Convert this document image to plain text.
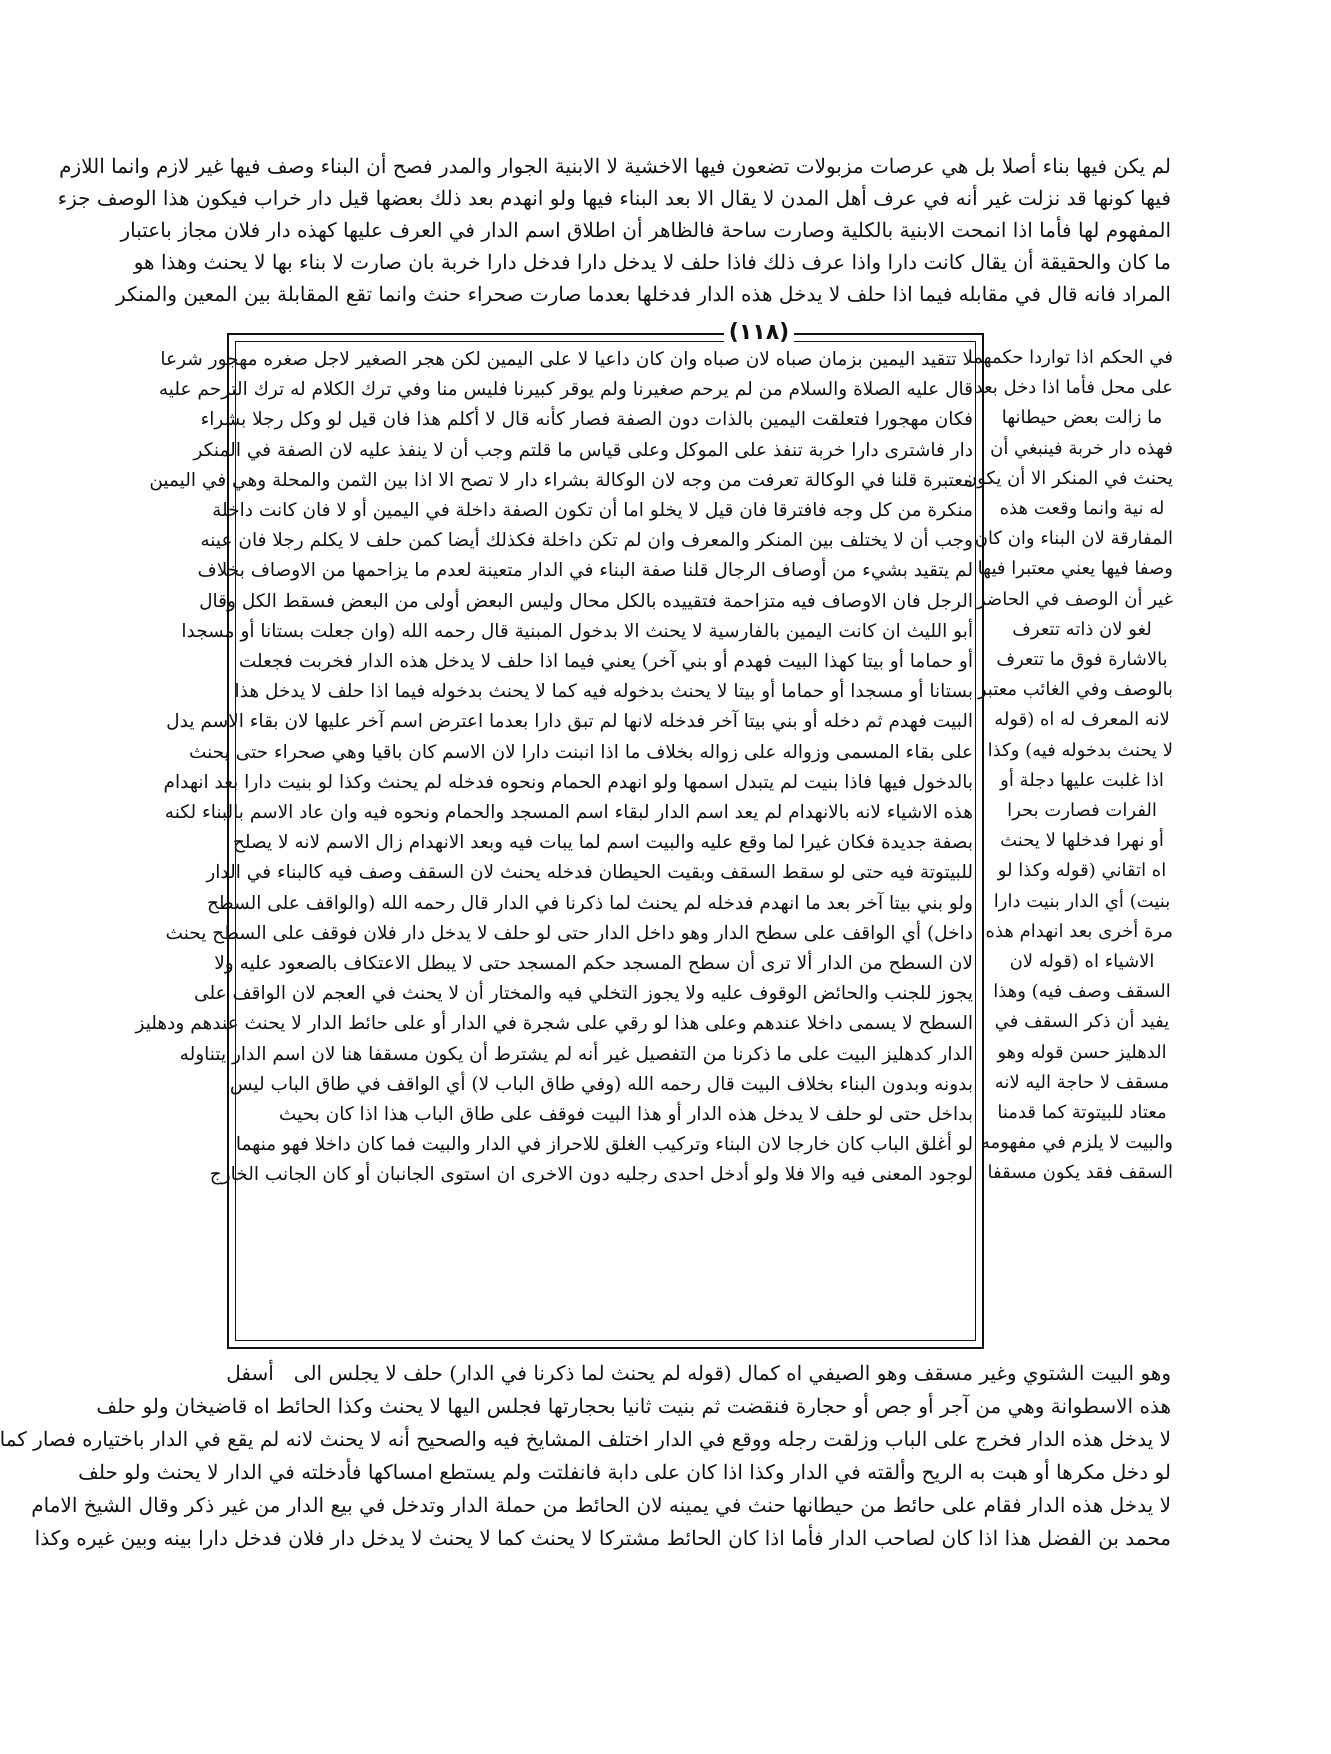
لم يكن فيها بناء أصلا بل هي عرصات مزبولات تضعون فيها الاخشية لا الابنية الجوار والمدر فصح أن البناء وصف فيها غير لازم وانما اللازم

فيها كونها قد نزلت غير أنه في عرف أهل المدن لا يقال الا بعد البناء فيها ولو انهدم بعد ذلك بعضها قيل دار خراب فيكون هذا الوصف جزء

المفهوم لها فأما اذا انمحت الابنية بالكلية وصارت ساحة فالظاهر أن اطلاق اسم الدار في العرف عليها كهذه دار فلان مجاز باعتبار

ما كان والحقيقة أن يقال كانت دارا واذا عرف ذلك فاذا حلف لا يدخل دارا فدخل دارا خربة بان صارت لا بناء بها لا يحنث وهذا هو

المراد فانه قال في مقابله فيما اذا حلف لا يدخل هذه الدار فدخلها بعدما صارت صحراء حنث وانما تقع المقابلة بين المعين والمنكر

(١١٨)

لا تتقيد اليمين بزمان صباه لان صباه وان كان داعيا لا على اليمين لكن هجر الصغير لاجل صغره مهجور شرعا

قال عليه الصلاة والسلام من لم يرحم صغيرنا ولم يوقر كبيرنا فليس منا وفي ترك الكلام له ترك الترحم عليه

فكان مهجورا فتعلقت اليمين بالذات دون الصفة فصار كأنه قال لا أكلم هذا فان قيل لو وكل رجلا بشراء

دار فاشترى دارا خربة تنفذ على الموكل وعلى قياس ما قلتم وجب أن لا ينفذ عليه لان الصفة في المنكر

معتبرة قلنا في الوكالة تعرفت من وجه لان الوكالة بشراء دار لا تصح الا اذا بين الثمن والمحلة وهي في اليمين

منكرة من كل وجه فافترقا فان قيل لا يخلو اما أن تكون الصفة داخلة في اليمين أو لا فان كانت داخلة

وجب أن لا يختلف بين المنكر والمعرف وان لم تكن داخلة فكذلك أيضا كمن حلف لا يكلم رجلا فان عينه

لم يتقيد بشيء من أوصاف الرجال قلنا صفة البناء في الدار متعينة لعدم ما يزاحمها من الاوصاف بخلاف

الرجل فان الاوصاف فيه متزاحمة فتقييده بالكل محال وليس البعض أولى من البعض فسقط الكل وقال

أبو الليث ان كانت اليمين بالفارسية لا يحنث الا بدخول المبنية قال رحمه الله (وان جعلت بستانا أو مسجدا

أو حماما أو بيتا كهذا البيت فهدم أو بني آخر) يعني فيما اذا حلف لا يدخل هذه الدار فخربت فجعلت

بستانا أو مسجدا أو حماما أو بيتا لا يحنث بدخوله فيه كما لا يحنث بدخوله فيما اذا حلف لا يدخل هذا

البيت فهدم ثم دخله أو بني بيتا آخر فدخله لانها لم تبق دارا بعدما اعترض اسم آخر عليها لان بقاء الاسم يدل

على بقاء المسمى وزواله على زواله بخلاف ما اذا انبنت دارا لان الاسم كان باقيا وهي صحراء حتى يحنث

بالدخول فيها فاذا بنيت لم يتبدل اسمها ولو انهدم الحمام ونحوه فدخله لم يحنث وكذا لو بنيت دارا بعد انهدام

هذه الاشياء لانه بالانهدام لم يعد اسم الدار لبقاء اسم المسجد والحمام ونحوه فيه وان عاد الاسم بالبناء لكنه

بصفة جديدة فكان غيرا لما وقع عليه والبيت اسم لما يبات فيه وبعد الانهدام زال الاسم لانه لا يصلح

للبيتوتة فيه حتى لو سقط السقف وبقيت الحيطان فدخله يحنث لان السقف وصف فيه كالبناء في الدار

ولو بني بيتا آخر بعد ما انهدم فدخله لم يحنث لما ذكرنا في الدار قال رحمه الله (والواقف على السطح

داخل) أي الواقف على سطح الدار وهو داخل الدار حتى لو حلف لا يدخل دار فلان فوقف على السطح يحنث

لان السطح من الدار ألا ترى أن سطح المسجد حكم المسجد حتى لا يبطل الاعتكاف بالصعود عليه ولا

يجوز للجنب والحائض الوقوف عليه ولا يجوز التخلي فيه والمختار أن لا يحنث في العجم لان الواقف على

السطح لا يسمى داخلا عندهم وعلى هذا لو رقي على شجرة في الدار أو على حائط الدار لا يحنث عندهم ودهليز

الدار كدهليز البيت على ما ذكرنا من التفصيل غير أنه لم يشترط أن يكون مسقفا هنا لان اسم الدار يتناوله

بدونه وبدون البناء بخلاف البيت قال رحمه الله (وفي طاق الباب لا) أي الواقف في طاق الباب ليس

بداخل حتى لو حلف لا يدخل هذه الدار أو هذا البيت فوقف على طاق الباب هذا اذا كان بحيث

لو أغلق الباب كان خارجا لان البناء وتركيب الغلق للاحراز في الدار والبيت فما كان داخلا فهو منهما

لوجود المعنى فيه والا فلا ولو أدخل احدى رجليه دون الاخرى ان استوى الجانبان أو كان الجانب الخارج

في الحكم اذا تواردا حكمهما

على محل فأما اذا دخل بعد

ما زالت بعض حيطانها

فهذه دار خربة فينبغي أن

يحنث في المنكر الا أن يكون

له نية وانما وقعت هذه

المفارقة لان البناء وان كان

وصفا فيها يعني معتبرا فيها

غير أن الوصف في الحاضر

لغو لان ذاته تتعرف

بالاشارة فوق ما تتعرف

بالوصف وفي الغائب معتبر

لانه المعرف له اه (قوله

لا يحنث بدخوله فيه) وكذا

اذا غلبت عليها دجلة أو

الفرات فصارت بحرا

أو نهرا فدخلها لا يحنث

اه اتقاني (قوله وكذا لو

بنيت) أي الدار بنيت دارا

مرة أخرى بعد انهدام هذه

الاشياء اه (قوله لان

السقف وصف فيه) وهذا

يفيد أن ذكر السقف في

الدهليز حسن قوله وهو

مسقف لا حاجة اليه لانه

معتاد للبيتوتة كما قدمنا

والبيت لا يلزم في مفهومه

السقف فقد يكون مسقفا

وهو البيت الشتوي وغير مسقف وهو الصيفي اه كمال (قوله لم يحنث لما ذكرنا في الدار) حلف لا يجلس الى
أسفل

هذه الاسطوانة وهي من آجر أو جص أو حجارة فنقضت ثم بنيت ثانيا بحجارتها فجلس اليها لا يحنث وكذا الحائط اه قاضيخان ولو حلف

لا يدخل هذه الدار فخرج على الباب وزلقت رجله ووقع في الدار اختلف المشايخ فيه والصحيح أنه لا يحنث لانه لم يقع في الدار باختياره فصار كما

لو دخل مكرها أو هبت به الريح وألقته في الدار وكذا اذا كان على دابة فانفلتت ولم يستطع امساكها فأدخلته في الدار لا يحنث ولو حلف

لا يدخل هذه الدار فقام على حائط من حيطانها حنث في يمينه لان الحائط من حملة الدار وتدخل في بيع الدار من غير ذكر وقال الشيخ الامام

محمد بن الفضل هذا اذا كان لصاحب الدار فأما اذا كان الحائط مشتركا لا يحنث كما لا يحنث لا يدخل دار فلان فدخل دارا بينه وبين غيره وكذا
